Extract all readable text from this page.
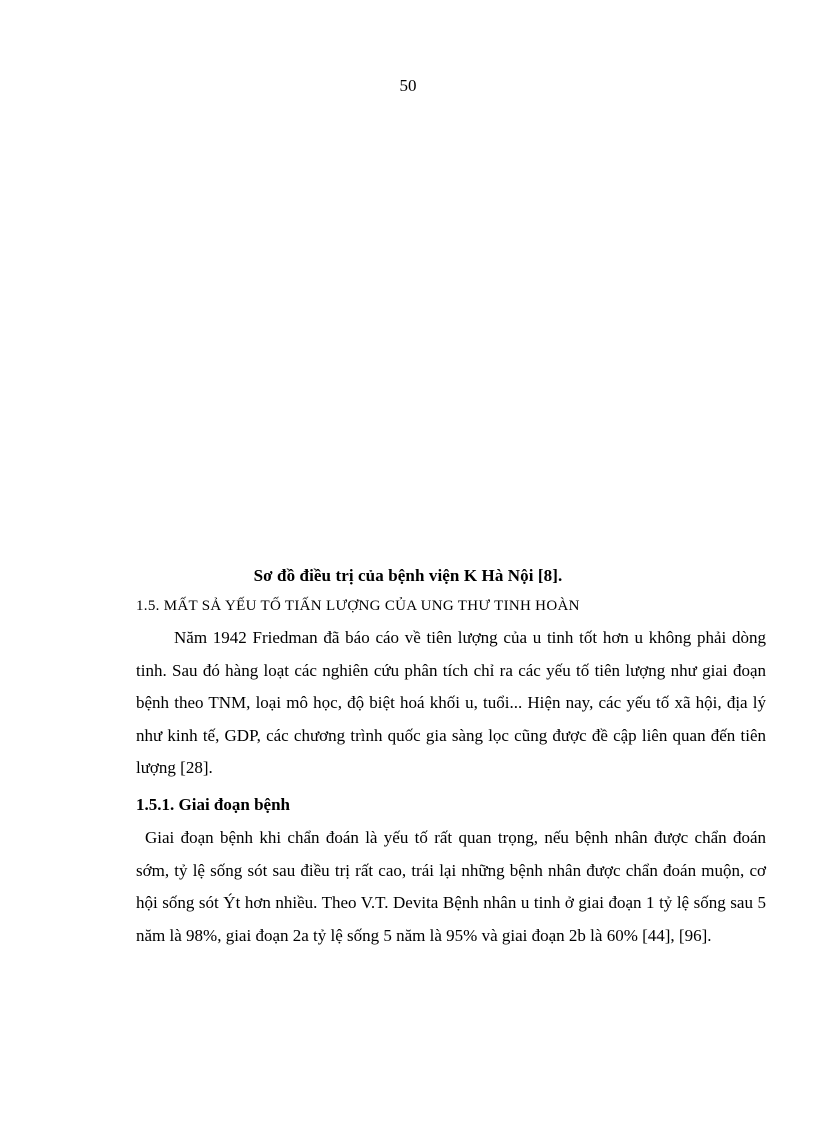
50
Sơ đồ điều trị của bệnh viện K Hà Nội [8].
1.5. MẤT SẢ YẾU TỐ TIẤN LƯỢNG CỦA UNG THƯ TINH HOÀN
Năm 1942 Friedman đã báo cáo về tiên lượng của u tinh tốt hơn u không phải dòng tinh. Sau đó hàng loạt các nghiên cứu phân tích chỉ ra các yếu tố tiên lượng như giai đoạn bệnh theo TNM, loại mô học, độ biệt hoá khối u, tuổi... Hiện nay, các yếu tố xã hội, địa lý như kinh tế, GDP, các chương trình quốc gia sàng lọc cũng được đề cập liên quan đến tiên lượng [28].
1.5.1. Giai đoạn bệnh
Giai đoạn bệnh khi chẩn đoán là yếu tố rất quan trọng, nếu bệnh nhân được chẩn đoán sớm, tỷ lệ sống sót sau điều trị rất cao, trái lại những bệnh nhân được chẩn đoán muộn, cơ hội sống sót Ýt hơn nhiều. Theo V.T. Devita Bệnh nhân u tinh ở giai đoạn 1 tỷ lệ sống sau 5 năm là 98%, giai đoạn 2a tỷ lệ sống 5 năm là 95% và giai đoạn 2b là 60% [44], [96].
